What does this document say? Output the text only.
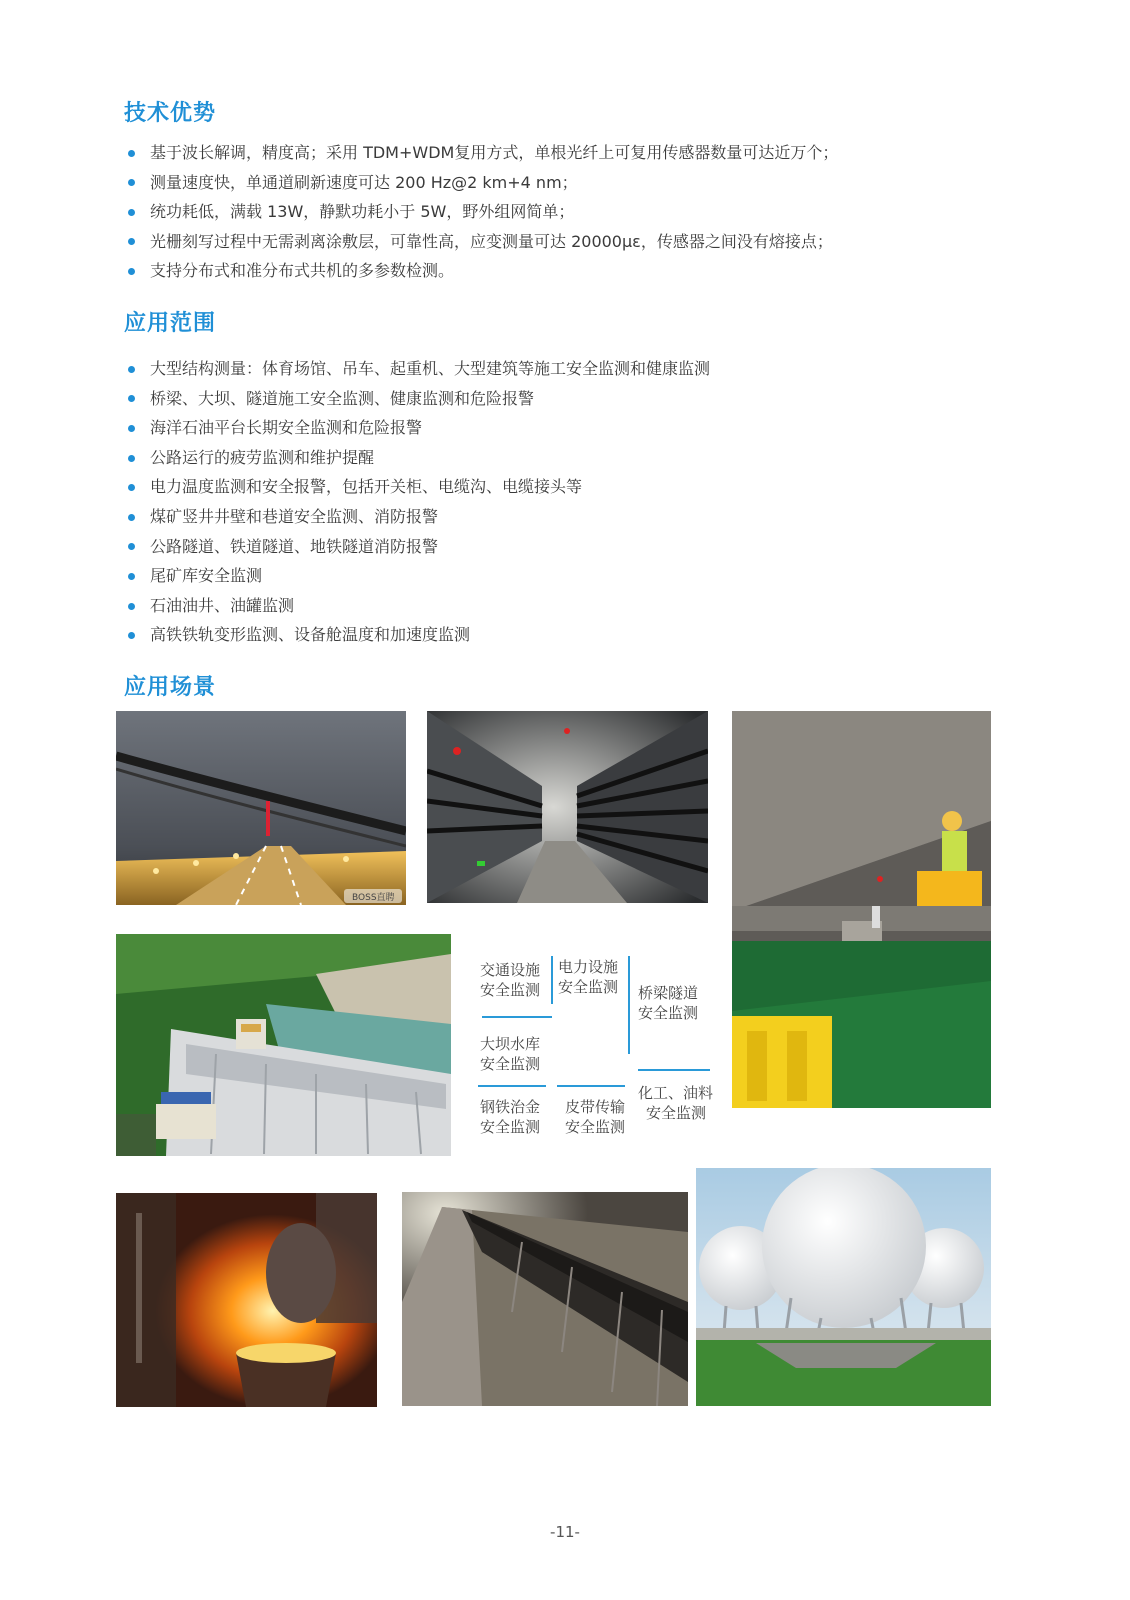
技术优势
基于波长解调，精度高；采用 TDM+WDM复用方式，单根光纤上可复用传感器数量可达近万个；
测量速度快，单通道刷新速度可达 200 Hz@2 km+4 nm；
统功耗低，满载 13W，静默功耗小于 5W，野外组网简单；
光栅刻写过程中无需剥离涂敷层，可靠性高，应变测量可达 20000με，传感器之间没有熔接点；
支持分布式和准分布式共机的多参数检测。
应用范围
大型结构测量：体育场馆、吊车、起重机、大型建筑等施工安全监测和健康监测
桥梁、大坝、隧道施工安全监测、健康监测和危险报警
海洋石油平台长期安全监测和危险报警
公路运行的疲劳监测和维护提醒
电力温度监测和安全报警，包括开关柜、电缆沟、电缆接头等
煤矿竖井井壁和巷道安全监测、消防报警
公路隧道、铁道隧道、地铁隧道消防报警
尾矿库安全监测
石油油井、油罐监测
高铁铁轨变形监测、设备舱温度和加速度监测
应用场景
BOSS直聘
交通设施
安全监测
电力设施
安全监测 桥梁隧道
安全监测
大坝水库
安全监测
化工、油料
安全监测
钢铁治金
安全监测
皮带传输
安全监测
-11-
